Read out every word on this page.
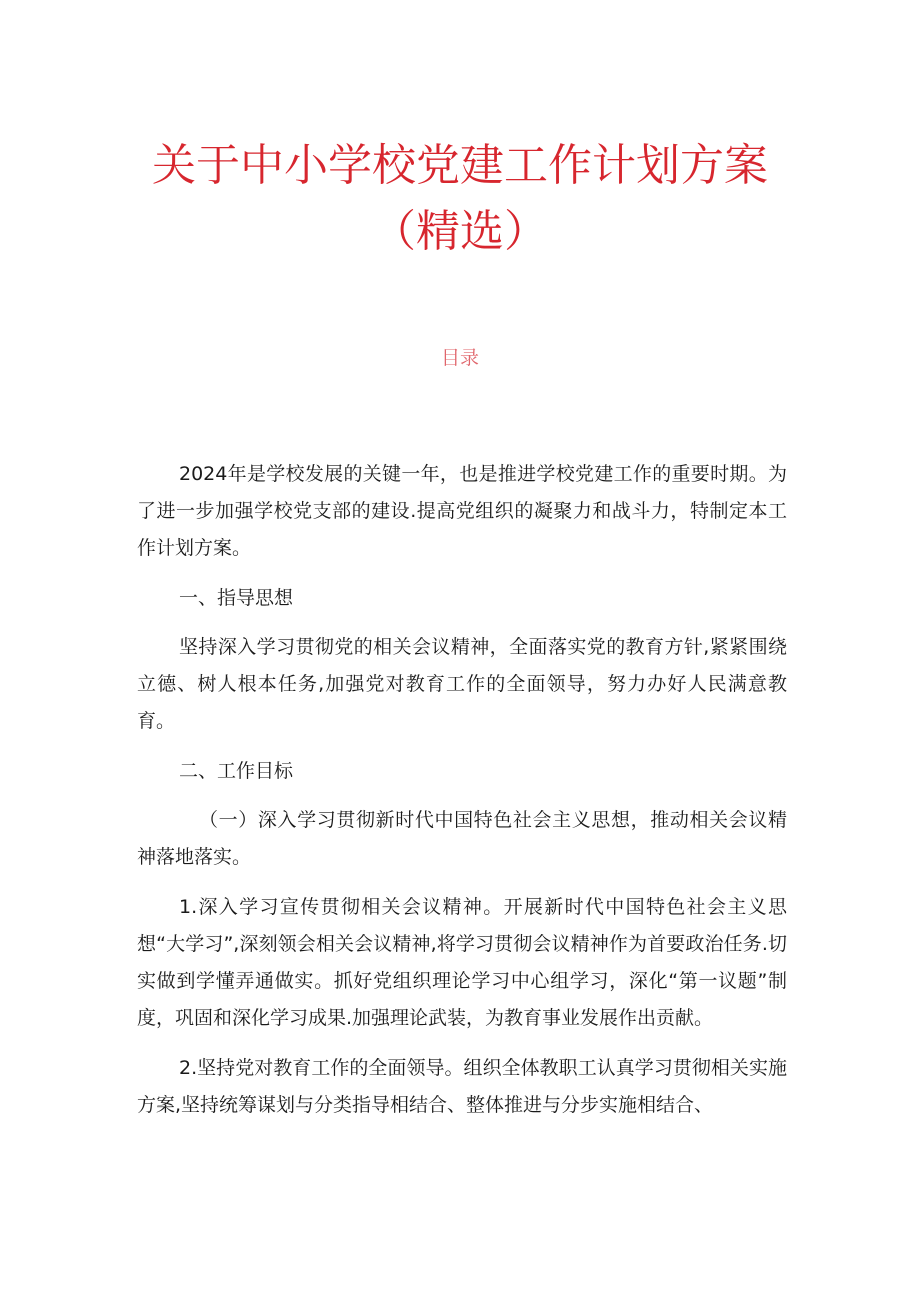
关于中小学校党建工作计划方案
（精选）
目录

2024年是学校发展的关键一年，也是推进学校党建工作的重要时期。为了进一步加强学校党支部的建设.提高党组织的凝聚力和战斗力，特制定本工作计划方案。

一、指导思想

坚持深入学习贯彻党的相关会议精神，全面落实党的教育方针,紧紧围绕立德、树人根本任务,加强党对教育工作的全面领导，努力办好人民满意教育。

二、工作目标

（一）深入学习贯彻新时代中国特色社会主义思想，推动相关会议精神落地落实。

1.深入学习宣传贯彻相关会议精神。开展新时代中国特色社会主义思想“大学习”,深刻领会相关会议精神,将学习贯彻会议精神作为首要政治任务.切实做到学懂弄通做实。抓好党组织理论学习中心组学习，深化“第一议题”制度，巩固和深化学习成果.加强理论武装，为教育事业发展作出贡献。

2.坚持党对教育工作的全面领导。组织全体教职工认真学习贯彻相关实施方案,坚持统筹谋划与分类指导相结合、整体推进与分步实施相结合、
